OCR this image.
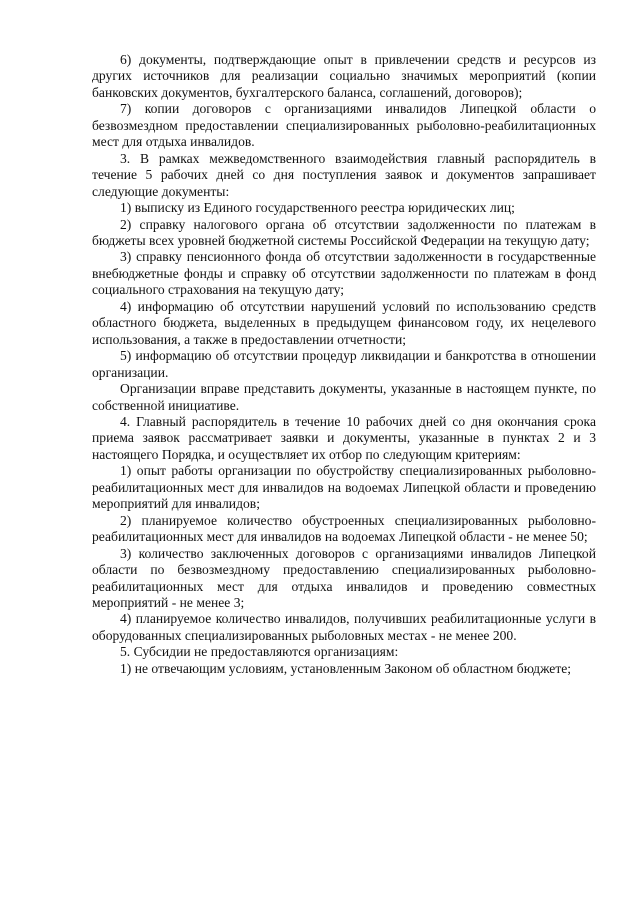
6) документы, подтверждающие опыт в привлечении средств и ресурсов из других источников для реализации социально значимых мероприятий (копии банковских документов, бухгалтерского баланса, соглашений, договоров);

7) копии договоров с организациями инвалидов Липецкой области о безвозмездном предоставлении специализированных рыболовно-реабилитационных мест для отдыха инвалидов.

3. В рамках межведомственного взаимодействия главный распорядитель в течение 5 рабочих дней со дня поступления заявок и документов запрашивает следующие документы:

1) выписку из Единого государственного реестра юридических лиц;

2) справку налогового органа об отсутствии задолженности по платежам в бюджеты всех уровней бюджетной системы Российской Федерации на текущую дату;

3) справку пенсионного фонда об отсутствии задолженности в государственные внебюджетные фонды и справку об отсутствии задолженности по платежам в фонд социального страхования на текущую дату;

4) информацию об отсутствии нарушений условий по использованию средств областного бюджета, выделенных в предыдущем финансовом году, их нецелевого использования, а также в предоставлении отчетности;

5) информацию об отсутствии процедур ликвидации и банкротства в отношении организации.

Организации вправе представить документы, указанные в настоящем пункте, по собственной инициативе.

4. Главный распорядитель в течение 10 рабочих дней со дня окончания срока приема заявок рассматривает заявки и документы, указанные в пунктах 2 и 3 настоящего Порядка, и осуществляет их отбор по следующим критериям:

1) опыт работы организации по обустройству специализированных рыболовно-реабилитационных мест для инвалидов на водоемах Липецкой области и проведению мероприятий для инвалидов;

2) планируемое количество обустроенных специализированных рыболовно-реабилитационных мест для инвалидов на водоемах Липецкой области - не менее 50;

3) количество заключенных договоров с организациями инвалидов Липецкой области по безвозмездному предоставлению специализированных рыболовно-реабилитационных мест для отдыха инвалидов и проведению совместных мероприятий - не менее 3;

4) планируемое количество инвалидов, получивших реабилитационные услуги в оборудованных специализированных рыболовных местах - не менее 200.

5. Субсидии не предоставляются организациям:

1) не отвечающим условиям, установленным Законом об областном бюджете;
